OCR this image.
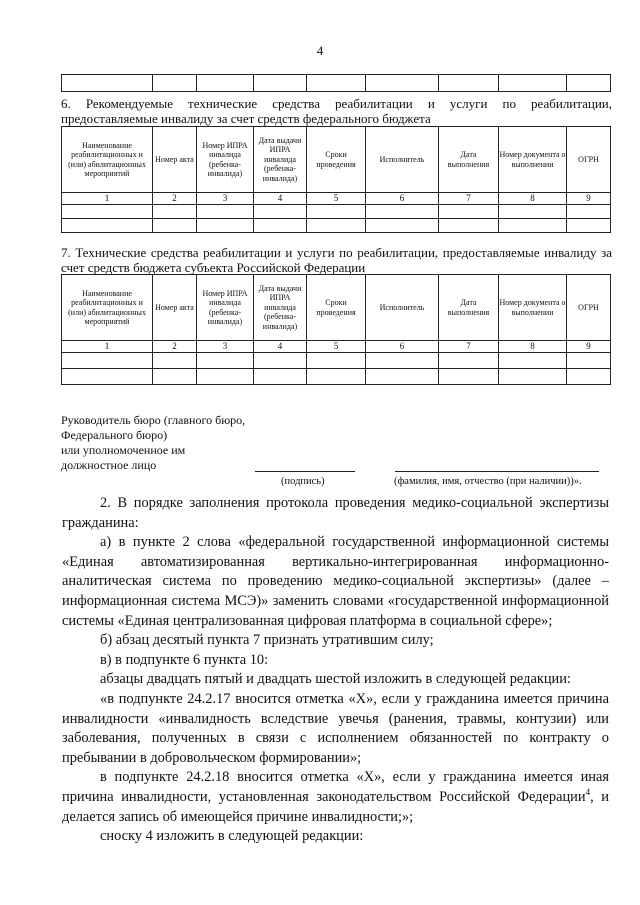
4

6. Рекомендуемые технические средства реабилитации и услуги по реабилитации, предоставляемые инвалиду за счет средств федерального бюджета
Наименование реабилитационных и (или) абилитационных мероприятий	Номер акта	Номер ИПРА инвалида (ребенка-инвалида)	Дата выдачи ИПРА инвалида (ребенка-инвалида)	Сроки проведения	Исполнитель	Дата выполнения	Номер документа о выполнении	ОГРН
1	2	3	4	5	6	7	8	9

7. Технические средства реабилитации и услуги по реабилитации, предоставляемые инвалиду за счет средств бюджета субъекта Российской Федерации
Наименование реабилитационных и (или) абилитационных мероприятий	Номер акта	Номер ИПРА инвалида (ребенка-инвалида)	Дата выдачи ИПРА инвалида (ребенка-инвалида)	Сроки проведения	Исполнитель	Дата выполнения	Номер документа о выполнении	ОГРН
1	2	3	4	5	6	7	8	9

Руководитель бюро (главного бюро,
Федерального бюро)
или уполномоченное им
должностное лицо
(подпись)	(фамилия, имя, отчество (при наличии))».

2. В порядке заполнения протокола проведения медико-социальной экспертизы гражданина:

а) в пункте 2 слова «федеральной государственной информационной системы «Единая автоматизированная вертикально-интегрированная информационно-аналитическая система по проведению медико-социальной экспертизы» (далее – информационная система МСЭ)» заменить словами «государственной информационной системы «Единая централизованная цифровая платформа в социальной сфере»;

б) абзац десятый пункта 7 признать утратившим силу;

в) в подпункте 6 пункта 10:

абзацы двадцать пятый и двадцать шестой изложить в следующей редакции:

«в подпункте 24.2.17 вносится отметка «Х», если у гражданина имеется причина инвалидности «инвалидность вследствие увечья (ранения, травмы, контузии) или заболевания, полученных в связи с исполнением обязанностей по контракту о пребывании в добровольческом формировании»;

в подпункте 24.2.18 вносится отметка «Х», если у гражданина имеется иная причина инвалидности, установленная законодательством Российской Федерации$^4$, и делается запись об имеющейся причине инвалидности;»;

сноску 4 изложить в следующей редакции:
